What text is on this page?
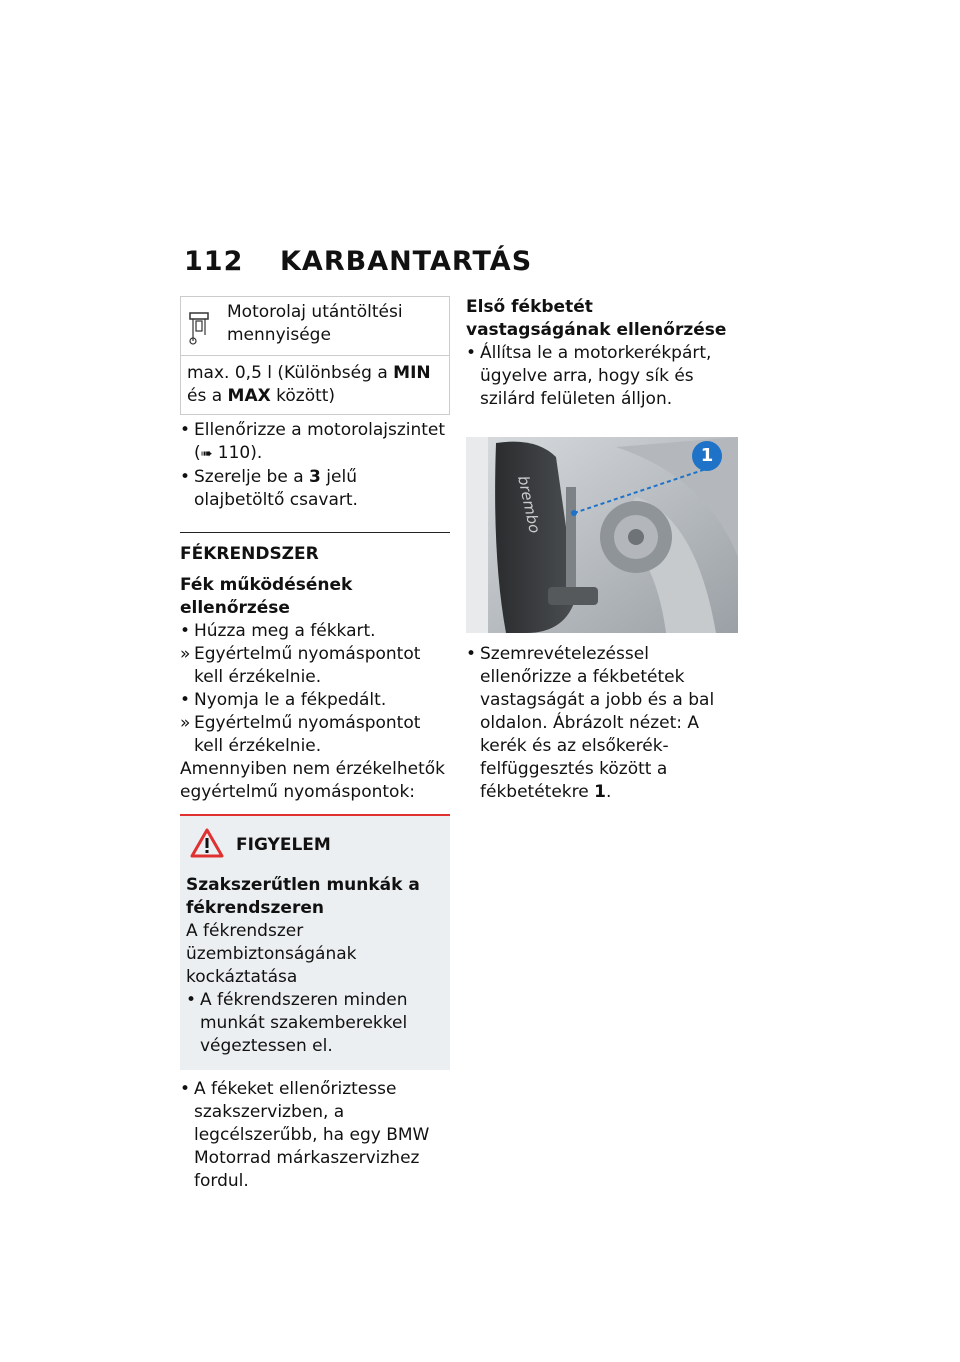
112 KARBANTARTÁS
Motorolaj utántöltési mennyisége
max. 0,5 l (Különbség a MIN és a MAX között)
• Ellenőrizze a motorolajszintet (➠ 110).
• Szerelje be a 3 jelű olajbetöltő csavart.
FÉKRENDSZER
Fék működésének ellenőrzése
• Húzza meg a fékkart.
» Egyértelmű nyomáspontot kell érzékelnie.
• Nyomja le a fékpedált.
» Egyértelmű nyomáspontot kell érzékelnie.
Amennyiben nem érzékelhetők egyértelmű nyomáspontok:
FIGYELEM
Szakszerűtlen munkák a fékrendszeren
A fékrendszer üzembiztonságának kockáztatása
• A fékrendszeren minden munkát szakemberekkel végeztessen el.
• A fékeket ellenőriztesse szakszervizben, a legcélszerűbb, ha egy BMW Motorrad márkaszervizhez fordul.
Első fékbetét vastagságának ellenőrzése
• Állítsa le a motorkerékpárt, ügyelve arra, hogy sík és szilárd felületen álljon.
brembo
1
• Szemrevételezéssel ellenőrizze a fékbetétek vastagságát a jobb és a bal oldalon. Ábrázolt nézet: A kerék és az elsőkerék-felfüggesztés között a fékbetétekre 1.
